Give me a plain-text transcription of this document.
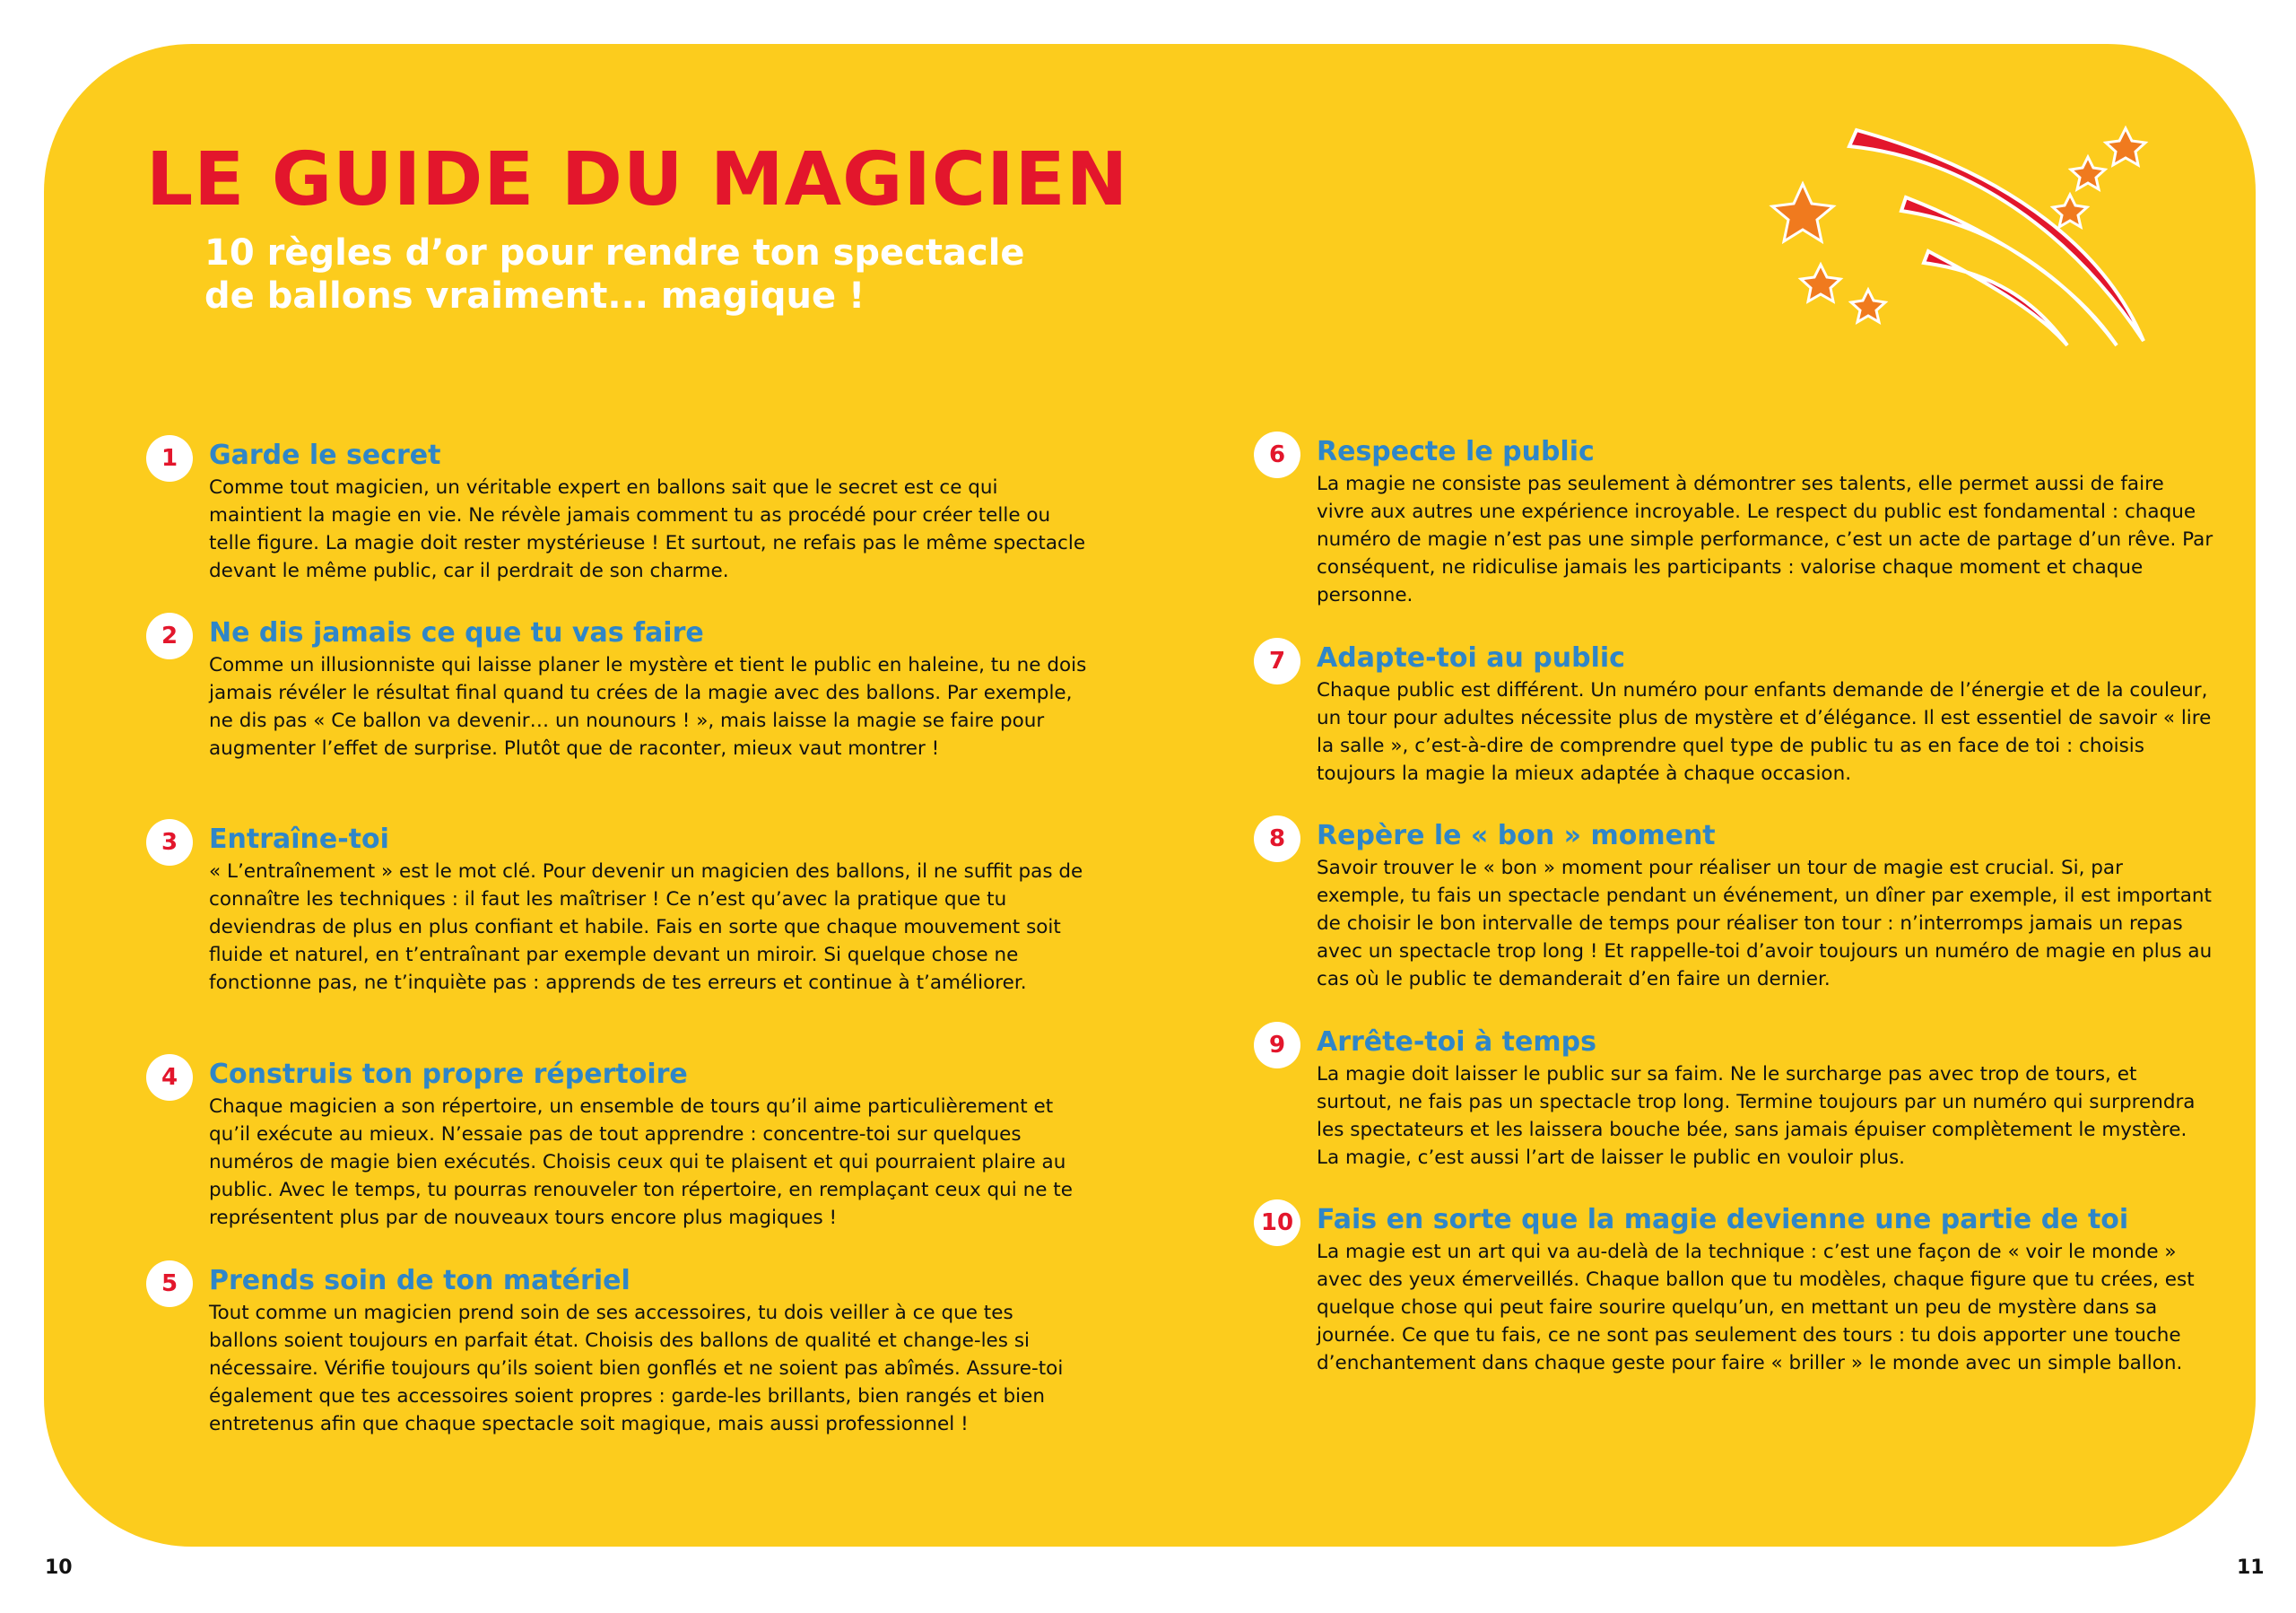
LE GUIDE DU MAGICIEN
10 règles d’or pour rendre ton spectacle
de ballons vraiment... magique !
1	Garde le secret

Comme tout magicien, un véritable expert en ballons sait que le secret est ce qui maintient la magie en vie. Ne révèle jamais comment tu as procédé pour créer telle ou telle figure. La magie doit rester mystérieuse ! Et surtout, ne refais pas le même spectacle devant le même public, car il perdrait de son charme.

2	Ne dis jamais ce que tu vas faire

Comme un illusionniste qui laisse planer le mystère et tient le public en haleine, tu ne dois jamais révéler le résultat final quand tu crées de la magie avec des ballons. Par exemple, ne dis pas « Ce ballon va devenir… un nounours ! », mais laisse la magie se faire pour augmenter l’effet de surprise. Plutôt que de raconter, mieux vaut montrer !

3	Entraîne-toi

« L’entraînement » est le mot clé. Pour devenir un magicien des ballons, il ne suffit pas de connaître les techniques : il faut les maîtriser ! Ce n’est qu’avec la pratique que tu deviendras de plus en plus confiant et habile. Fais en sorte que chaque mouvement soit fluide et naturel, en t’entraînant par exemple devant un miroir. Si quelque chose ne fonctionne pas, ne t’inquiète pas : apprends de tes erreurs et continue à t’améliorer.

4	Construis ton propre répertoire

Chaque magicien a son répertoire, un ensemble de tours qu’il aime particulièrement et qu’il exécute au mieux. N’essaie pas de tout apprendre : concentre-toi sur quelques numéros de magie bien exécutés. Choisis ceux qui te plaisent et qui pourraient plaire au public. Avec le temps, tu pourras renouveler ton répertoire, en remplaçant ceux qui ne te représentent plus par de nouveaux tours encore plus magiques !

5	Prends soin de ton matériel

Tout comme un magicien prend soin de ses accessoires, tu dois veiller à ce que tes ballons soient toujours en parfait état. Choisis des ballons de qualité et change-les si nécessaire. Vérifie toujours qu’ils soient bien gonflés et ne soient pas abîmés. Assure-toi également que tes accessoires soient propres : garde-les brillants, bien rangés et bien entretenus afin que chaque spectacle soit magique, mais aussi professionnel !

6	Respecte le public

La magie ne consiste pas seulement à démontrer ses talents, elle permet aussi de faire vivre aux autres une expérience incroyable. Le respect du public est fondamental : chaque numéro de magie n’est pas une simple performance, c’est un acte de partage d’un rêve. Par conséquent, ne ridiculise jamais les participants : valorise chaque moment et chaque personne.

7	Adapte-toi au public

Chaque public est différent. Un numéro pour enfants demande de l’énergie et de la couleur, un tour pour adultes nécessite plus de mystère et d’élégance. Il est essentiel de savoir « lire la salle », c’est-à-dire de comprendre quel type de public tu as en face de toi : choisis toujours la magie la mieux adaptée à chaque occasion.

8	Repère le « bon » moment

Savoir trouver le « bon » moment pour réaliser un tour de magie est crucial. Si, par exemple, tu fais un spectacle pendant un événement, un dîner par exemple, il est important de choisir le bon intervalle de temps pour réaliser ton tour : n’interromps jamais un repas avec un spectacle trop long ! Et rappelle-toi d’avoir toujours un numéro de magie en plus au cas où le public te demanderait d’en faire un dernier.

9	Arrête-toi à temps

La magie doit laisser le public sur sa faim. Ne le surcharge pas avec trop de tours, et surtout, ne fais pas un spectacle trop long. Termine toujours par un numéro qui surprendra les spectateurs et les laissera bouche bée, sans jamais épuiser complètement le mystère. La magie, c’est aussi l’art de laisser le public en vouloir plus.

10 Fais en sorte que la magie devienne une partie de toi

La magie est un art qui va au-delà de la technique : c’est une façon de « voir le monde » avec des yeux émerveillés. Chaque ballon que tu modèles, chaque figure que tu crées, est quelque chose qui peut faire sourire quelqu’un, en mettant un peu de mystère dans sa journée. Ce que tu fais, ce ne sont pas seulement des tours : tu dois apporter une touche d’enchantement dans chaque geste pour faire « briller » le monde avec un simple ballon.

10	11
